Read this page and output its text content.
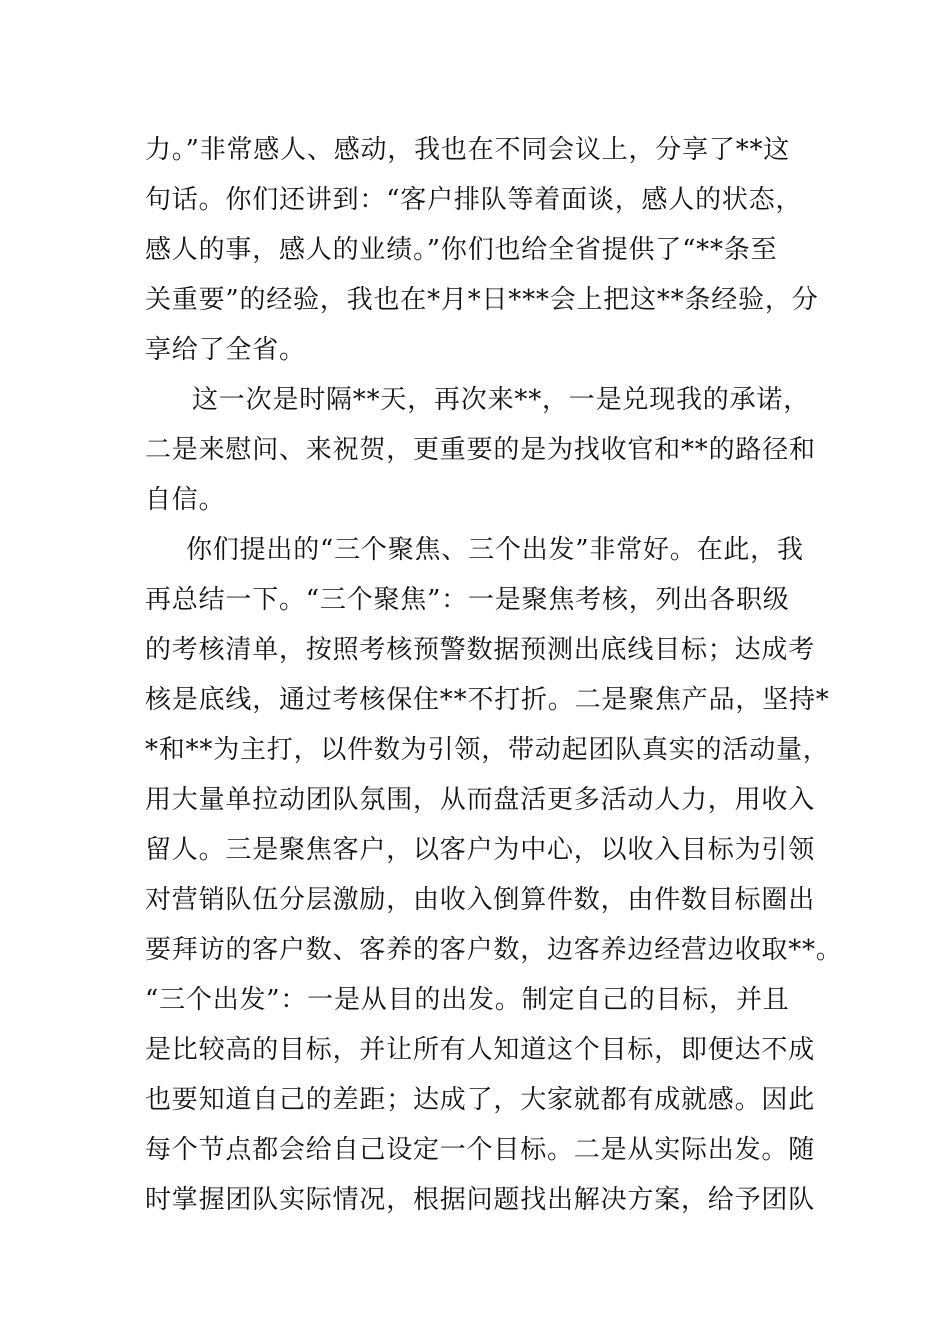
力。”非常感人、感动，我也在不同会议上，分享了**这
句话。你们还讲到：“客户排队等着面谈，感人的状态，
感人的事，感人的业绩。”你们也给全省提供了“**条至
关重要”的经验，我也在*月*日***会上把这**条经验，分
享给了全省。
这一次是时隔**天，再次来**，一是兑现我的承诺，
二是来慰问、来祝贺，更重要的是为找收官和**的路径和
自信。
你们提出的“三个聚焦、三个出发”非常好。在此，我
再总结一下。“三个聚焦”：一是聚焦考核，列出各职级
的考核清单，按照考核预警数据预测出底线目标；达成考
核是底线，通过考核保住**不打折。二是聚焦产品，坚持*
*和**为主打，以件数为引领，带动起团队真实的活动量，
用大量单拉动团队氛围，从而盘活更多活动人力，用收入
留人。三是聚焦客户，以客户为中心，以收入目标为引领
对营销队伍分层激励，由收入倒算件数，由件数目标圈出
要拜访的客户数、客养的客户数，边客养边经营边收取**。
“三个出发”：一是从目的出发。制定自己的目标，并且
是比较高的目标，并让所有人知道这个目标，即便达不成
也要知道自己的差距；达成了，大家就都有成就感。因此
每个节点都会给自己设定一个目标。二是从实际出发。随
时掌握团队实际情况，根据问题找出解决方案，给予团队
